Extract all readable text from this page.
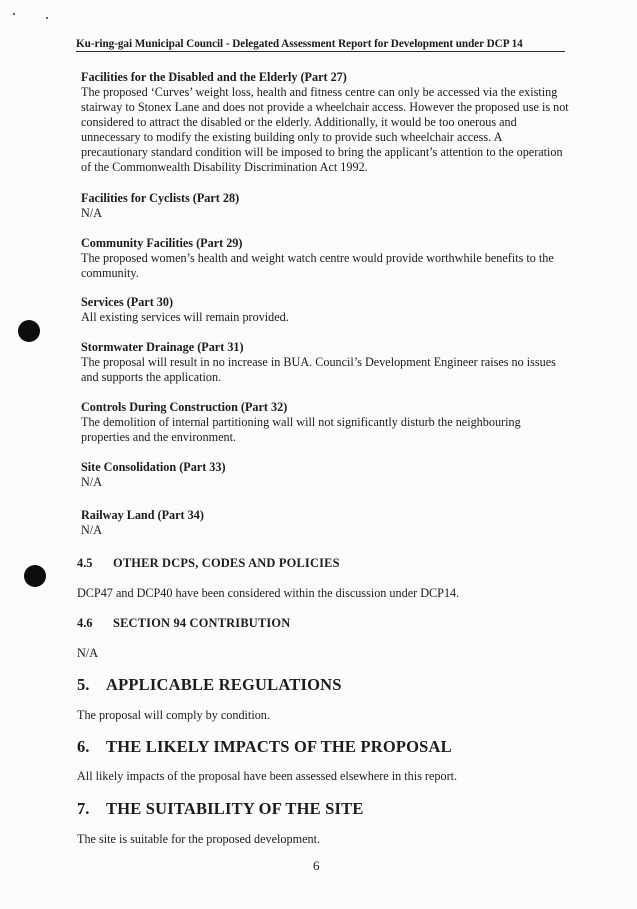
Ku-ring-gai Municipal Council - Delegated Assessment Report for Development under DCP 14
Facilities for the Disabled and the Elderly (Part 27)
The proposed ‘Curves’ weight loss, health and fitness centre can only be accessed via the existing
stairway to Stonex Lane and does not provide a wheelchair access. However the proposed use is not
considered to attract the disabled or the elderly. Additionally, it would be too onerous and
unnecessary to modify the existing building only to provide such wheelchair access. A
precautionary standard condition will be imposed to bring the applicant’s attention to the operation
of the Commonwealth Disability Discrimination Act 1992.
Facilities for Cyclists (Part 28)
N/A
Community Facilities (Part 29)
The proposed women’s health and weight watch centre would provide worthwhile benefits to the
community.
Services (Part 30)
All existing services will remain provided.
Stormwater Drainage (Part 31)
The proposal will result in no increase in BUA. Council’s Development Engineer raises no issues
and supports the application.
Controls During Construction (Part 32)
The demolition of internal partitioning wall will not significantly disturb the neighbouring
properties and the environment.
Site Consolidation (Part 33)
N/A
Railway Land (Part 34)
N/A
4.5 OTHER DCPS, CODES AND POLICIES
DCP47 and DCP40 have been considered within the discussion under DCP14.
4.6 SECTION 94 CONTRIBUTION
N/A
5. APPLICABLE REGULATIONS
The proposal will comply by condition.
6. THE LIKELY IMPACTS OF THE PROPOSAL
All likely impacts of the proposal have been assessed elsewhere in this report.
7. THE SUITABILITY OF THE SITE
The site is suitable for the proposed development.
6
